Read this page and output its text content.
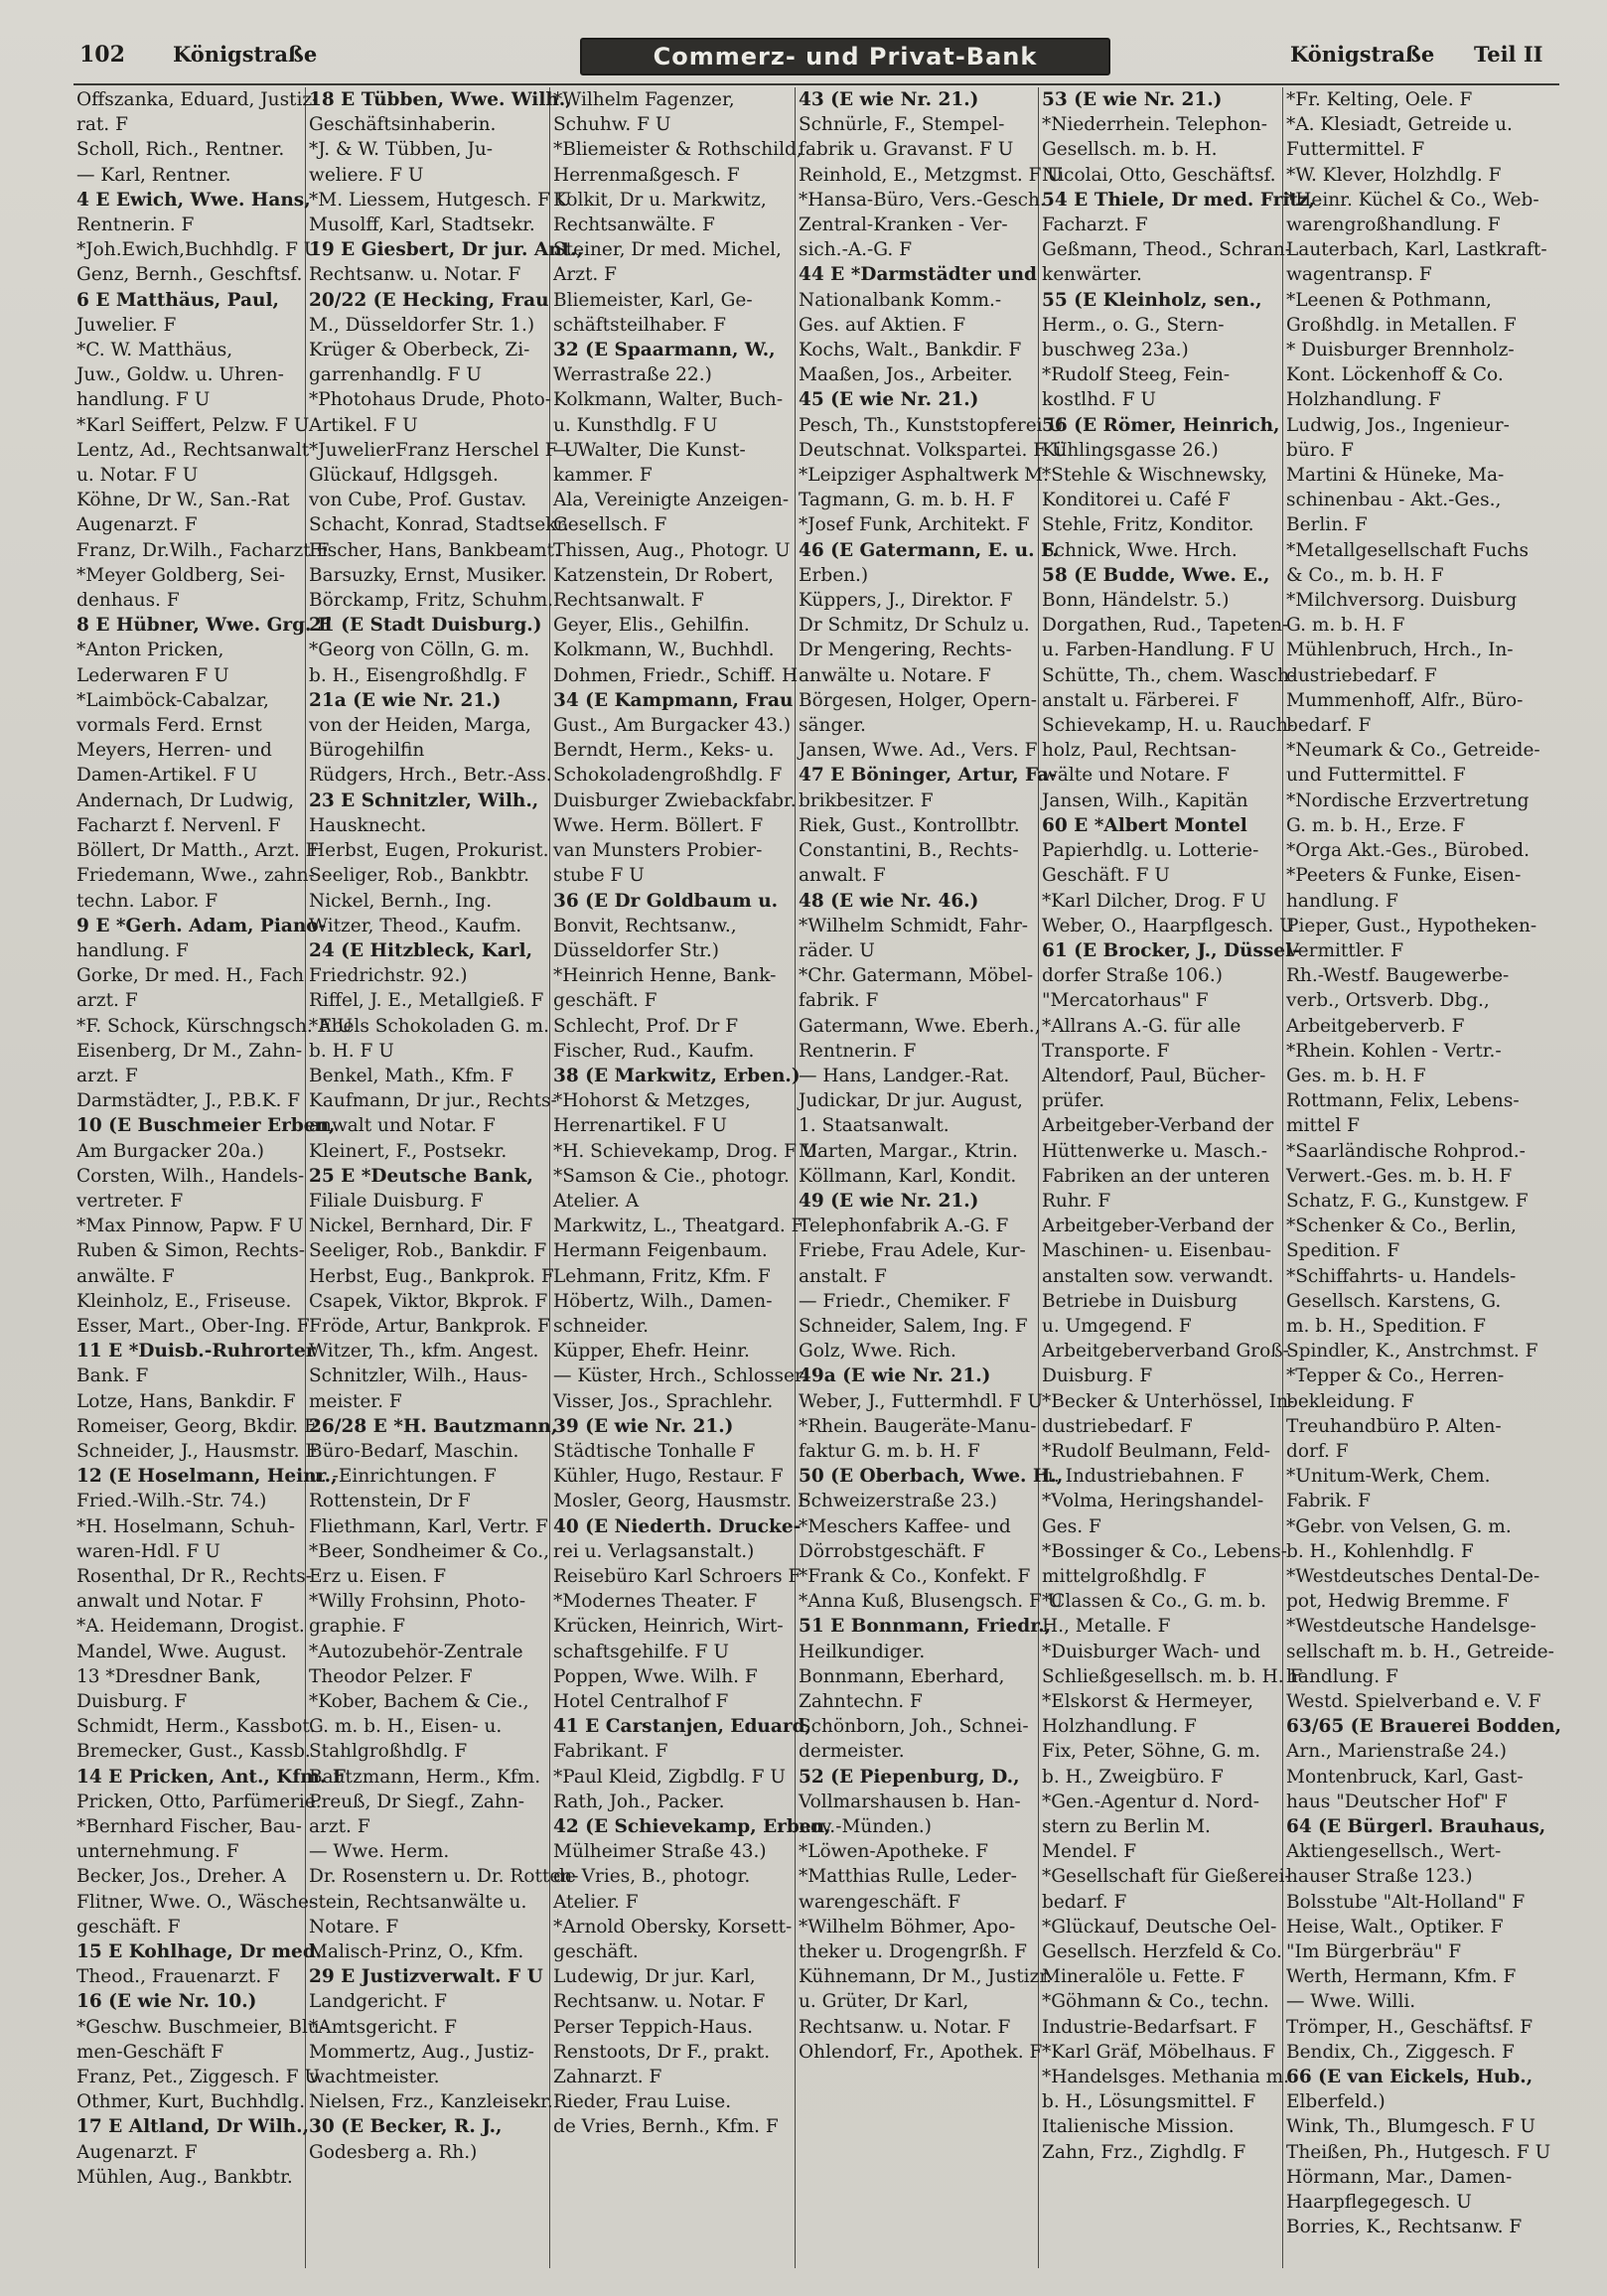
102 Königstraße	Commerz- und Privat-Bank	Königstraße Teil II
Offszanka, Eduard, Justiz-
rat. F
Scholl, Rich., Rentner.
— Karl, Rentner.
4 E Ewich, Wwe. Hans,
Rentnerin. F
*Joh.Ewich,Buchhdlg. F U
Genz, Bernh., Geschftsf.
6 E Matthäus, Paul,
Juwelier. F
*C. W. Matthäus,
Juw., Goldw. u. Uhren-
handlung. F U
*Karl Seiffert, Pelzw. F U
Lentz, Ad., Rechtsanwalt
u. Notar. F U
Köhne, Dr W., San.-Rat
Augenarzt. F
Franz, Dr.Wilh., Facharzt F
*Meyer Goldberg, Sei-
denhaus. F
8 E Hübner, Wwe. Grg. F
*Anton Pricken,
Lederwaren F U
*Laimböck-Cabalzar,
vormals Ferd. Ernst
Meyers, Herren- und
Damen-Artikel. F U
Andernach, Dr Ludwig,
Facharzt f. Nervenl. F
Böllert, Dr Matth., Arzt. F
Friedemann, Wwe., zahn-
techn. Labor. F
9 E *Gerh. Adam, Piano-
handlung. F
Gorke, Dr med. H., Fach
arzt. F
*F. Schock, Kürschngsch. F U
Eisenberg, Dr M., Zahn-
arzt. F
Darmstädter, J., P.B.K. F
10 (E Buschmeier Erben,
Am Burgacker 20a.)
Corsten, Wilh., Handels-
vertreter. F
*Max Pinnow, Papw. F U
Ruben & Simon, Rechts-
anwälte. F
Kleinholz, E., Friseuse.
Esser, Mart., Ober-Ing. F
11 E *Duisb.-Ruhrorter
Bank. F
Lotze, Hans, Bankdir. F
Romeiser, Georg, Bkdir. F
Schneider, J., Hausmstr. F
12 (E Hoselmann, Heinr.,
Fried.-Wilh.-Str. 74.)
*H. Hoselmann, Schuh-
waren-Hdl. F U
Rosenthal, Dr R., Rechts-
anwalt und Notar. F
*A. Heidemann, Drogist.
Mandel, Wwe. August.
13 *Dresdner Bank,
Duisburg. F
Schmidt, Herm., Kassbot.
Bremecker, Gust., Kassb.
14 E Pricken, Ant., Kfm. F
Pricken, Otto, Parfümerie.
*Bernhard Fischer, Bau-
unternehmung. F
Becker, Jos., Dreher. A
Flitner, Wwe. O., Wäsche-
geschäft. F
15 E Kohlhage, Dr med.
Theod., Frauenarzt. F
16 (E wie Nr. 10.)
*Geschw. Buschmeier, Blu-
men-Geschäft F
Franz, Pet., Ziggesch. F U
Othmer, Kurt, Buchhdlg.
17 E Altland, Dr Wilh.,
Augenarzt. F
Mühlen, Aug., Bankbtr.
18 E Tübben, Wwe. Wilh.,
Geschäftsinhaberin.
*J. & W. Tübben, Ju-
weliere. F U
*M. Liessem, Hutgesch. F U
Musolff, Karl, Stadtsekr.
19 E Giesbert, Dr jur. Ant.,
Rechtsanw. u. Notar. F
20/22 (E Hecking, Frau
M., Düsseldorfer Str. 1.)
Krüger & Oberbeck, Zi-
garrenhandlg. F U
*Photohaus Drude, Photo-
Artikel. F U
*JuwelierFranz Herschel F U
Glückauf, Hdlgsgeh.
von Cube, Prof. Gustav.
Schacht, Konrad, Stadtsekr.
Fischer, Hans, Bankbeamt.
Barsuzky, Ernst, Musiker.
Börckamp, Fritz, Schuhm.
21 (E Stadt Duisburg.)
*Georg von Cölln, G. m.
b. H., Eisengroßhdlg. F
21a (E wie Nr. 21.)
von der Heiden, Marga,
Bürogehilfin
Rüdgers, Hrch., Betr.-Ass.
23 E Schnitzler, Wilh.,
Hausknecht.
Herbst, Eugen, Prokurist.
Seeliger, Rob., Bankbtr.
Nickel, Bernh., Ing.
Witzer, Theod., Kaufm.
24 (E Hitzbleck, Karl,
Friedrichstr. 92.)
Riffel, J. E., Metallgieß. F
*Abels Schokoladen G. m.
b. H. F U
Benkel, Math., Kfm. F
Kaufmann, Dr jur., Rechts-
anwalt und Notar. F
Kleinert, F., Postsekr.
25 E *Deutsche Bank,
Filiale Duisburg. F
Nickel, Bernhard, Dir. F
Seeliger, Rob., Bankdir. F
Herbst, Eug., Bankprok. F
Csapek, Viktor, Bkprok. F
Fröde, Artur, Bankprok. F
Witzer, Th., kfm. Angest.
Schnitzler, Wilh., Haus-
meister. F
26/28 E *H. Bautzmann,
Büro-Bedarf, Maschin.
u. -Einrichtungen. F
Rottenstein, Dr F
Fliethmann, Karl, Vertr. F
*Beer, Sondheimer & Co.,
Erz u. Eisen. F
*Willy Frohsinn, Photo-
graphie. F
*Autozubehör-Zentrale
Theodor Pelzer. F
*Kober, Bachem & Cie.,
G. m. b. H., Eisen- u.
Stahlgroßhdlg. F
Bautzmann, Herm., Kfm.
Preuß, Dr Siegf., Zahn-
arzt. F
— Wwe. Herm.
Dr. Rosenstern u. Dr. Rotten-
stein, Rechtsanwälte u.
Notare. F
Malisch-Prinz, O., Kfm.
29 E Justizverwalt. F U
Landgericht. F
*Amtsgericht. F
Mommertz, Aug., Justiz-
wachtmeister.
Nielsen, Frz., Kanzleisekr.
30 (E Becker, R. J.,
Godesberg a. Rh.)
*Wilhelm Fagenzer,
Schuhw. F U
*Bliemeister & Rothschild,
Herrenmaßgesch. F
Kolkit, Dr u. Markwitz,
Rechtsanwälte. F
Steiner, Dr med. Michel,
Arzt. F
Bliemeister, Karl, Ge-
schäftsteilhaber. F
32 (E Spaarmann, W.,
Werrastraße 22.)
Kolkmann, Walter, Buch-
u. Kunsthdlg. F U
— Walter, Die Kunst-
kammer. F
Ala, Vereinigte Anzeigen-
Gesellsch. F
Thissen, Aug., Photogr. U
Katzenstein, Dr Robert,
Rechtsanwalt. F
Geyer, Elis., Gehilfin.
Kolkmann, W., Buchhdl.
Dohmen, Friedr., Schiff. H
34 (E Kampmann, Frau
Gust., Am Burgacker 43.)
Berndt, Herm., Keks- u.
Schokoladengroßhdlg. F
Duisburger Zwiebackfabr.
Wwe. Herm. Böllert. F
van Munsters Probier-
stube F U
36 (E Dr Goldbaum u.
Bonvit, Rechtsanw.,
Düsseldorfer Str.)
*Heinrich Henne, Bank-
geschäft. F
Schlecht, Prof. Dr F
Fischer, Rud., Kaufm.
38 (E Markwitz, Erben.)
*Hohorst & Metzges,
Herrenartikel. F U
*H. Schievekamp, Drog. F U
*Samson & Cie., photogr.
Atelier. A
Markwitz, L., Theatgard. F
Hermann Feigenbaum.
Lehmann, Fritz, Kfm. F
Höbertz, Wilh., Damen-
schneider.
Küpper, Ehefr. Heinr.
— Küster, Hrch., Schlosser.
Visser, Jos., Sprachlehr.
39 (E wie Nr. 21.)
Städtische Tonhalle F
Kühler, Hugo, Restaur. F
Mosler, Georg, Hausmstr. F
40 (E Niederth. Drucke-
rei u. Verlagsanstalt.)
Reisebüro Karl Schroers F
*Modernes Theater. F
Krücken, Heinrich, Wirt-
schaftsgehilfe. F U
Poppen, Wwe. Wilh. F
Hotel Centralhof F
41 E Carstanjen, Eduard,
Fabrikant. F
*Paul Kleid, Zigbdlg. F U
Rath, Joh., Packer.
42 (E Schievekamp, Erben,
Mülheimer Straße 43.)
de Vries, B., photogr.
Atelier. F
*Arnold Obersky, Korsett-
geschäft.
Ludewig, Dr jur. Karl,
Rechtsanw. u. Notar. F
Perser Teppich-Haus.
Renstoots, Dr F., prakt.
Zahnarzt. F
Rieder, Frau Luise.
de Vries, Bernh., Kfm. F
43 (E wie Nr. 21.)
Schnürle, F., Stempel-
fabrik u. Gravanst. F U
Reinhold, E., Metzgmst. F U
*Hansa-Büro, Vers.-Gesch.
Zentral-Kranken - Ver-
sich.-A.-G. F
44 E *Darmstädter und
Nationalbank Komm.-
Ges. auf Aktien. F
Kochs, Walt., Bankdir. F
Maaßen, Jos., Arbeiter.
45 (E wie Nr. 21.)
Pesch, Th., Kunststopferei U
Deutschnat. Volkspartei. F U
*Leipziger Asphaltwerk M.
Tagmann, G. m. b. H. F
*Josef Funk, Architekt. F
46 (E Gatermann, E. u. F.
Erben.)
Küppers, J., Direktor. F
Dr Schmitz, Dr Schulz u.
Dr Mengering, Rechts-
anwälte u. Notare. F
Börgesen, Holger, Opern-
sänger.
Jansen, Wwe. Ad., Vers. F
47 E Böninger, Artur, Fa-
brikbesitzer. F
Riek, Gust., Kontrollbtr.
Constantini, B., Rechts-
anwalt. F
48 (E wie Nr. 46.)
*Wilhelm Schmidt, Fahr-
räder. U
*Chr. Gatermann, Möbel-
fabrik. F
Gatermann, Wwe. Eberh.,
Rentnerin. F
— Hans, Landger.-Rat.
Judickar, Dr jur. August,
1. Staatsanwalt.
Marten, Margar., Ktrin.
Köllmann, Karl, Kondit.
49 (E wie Nr. 21.)
Telephonfabrik A.-G. F
Friebe, Frau Adele, Kur-
anstalt. F
— Friedr., Chemiker. F
Schneider, Salem, Ing. F
Golz, Wwe. Rich.
49a (E wie Nr. 21.)
Weber, J., Futtermhdl. F U
*Rhein. Baugeräte-Manu-
faktur G. m. b. H. F
50 (E Oberbach, Wwe. H.,
Schweizerstraße 23.)
*Meschers Kaffee- und
Dörrobstgeschäft. F
*Frank & Co., Konfekt. F
*Anna Kuß, Blusengsch. F U
51 E Bonnmann, Friedr.,
Heilkundiger.
Bonnmann, Eberhard,
Zahntechn. F
Schönborn, Joh., Schnei-
dermeister.
52 (E Piepenburg, D.,
Vollmarshausen b. Han-
nov.-Münden.)
*Löwen-Apotheke. F
*Matthias Rulle, Leder-
warengeschäft. F
*Wilhelm Böhmer, Apo-
theker u. Drogengrßh. F
Kühnemann, Dr M., Justizr.
u. Grüter, Dr Karl,
Rechtsanw. u. Notar. F
Ohlendorf, Fr., Apothek. F
53 (E wie Nr. 21.)
*Niederrhein. Telephon-
Gesellsch. m. b. H.
Nicolai, Otto, Geschäftsf.
54 E Thiele, Dr med. Fritz,
Facharzt. F
Geßmann, Theod., Schran-
kenwärter.
55 (E Kleinholz, sen.,
Herm., o. G., Stern-
buschweg 23a.)
*Rudolf Steeg, Fein-
kostlhd. F U
56 (E Römer, Heinrich,
Kühlingsgasse 26.)
*Stehle & Wischnewsky,
Konditorei u. Café F
Stehle, Fritz, Konditor.
Schnick, Wwe. Hrch.
58 (E Budde, Wwe. E.,
Bonn, Händelstr. 5.)
Dorgathen, Rud., Tapeten-
u. Farben-Handlung. F U
Schütte, Th., chem. Wasch-
anstalt u. Färberei. F
Schievekamp, H. u. Rauch-
holz, Paul, Rechtsan-
wälte und Notare. F
Jansen, Wilh., Kapitän
60 E *Albert Montel
Papierhdlg. u. Lotterie-
Geschäft. F U
*Karl Dilcher, Drog. F U
Weber, O., Haarpflgesch. U
61 (E Brocker, J., Düssel-
dorfer Straße 106.)
"Mercatorhaus" F
*Allrans A.-G. für alle
Transporte. F
Altendorf, Paul, Bücher-
prüfer.
Arbeitgeber-Verband der
Hüttenwerke u. Masch.-
Fabriken an der unteren
Ruhr. F
Arbeitgeber-Verband der
Maschinen- u. Eisenbau-
anstalten sow. verwandt.
Betriebe in Duisburg
u. Umgegend. F
Arbeitgeberverband Groß-
Duisburg. F
*Becker & Unterhössel, In-
dustriebedarf. F
*Rudolf Beulmann, Feld-
u. Industriebahnen. F
*Volma, Heringshandel-
Ges. F
*Bossinger & Co., Lebens-
mittelgroßhdlg. F
*Classen & Co., G. m. b.
H., Metalle. F
*Duisburger Wach- und
Schließgesellsch. m. b. H. F
*Elskorst & Hermeyer,
Holzhandlung. F
Fix, Peter, Söhne, G. m.
b. H., Zweigbüro. F
*Gen.-Agentur d. Nord-
stern zu Berlin M.
Mendel. F
*Gesellschaft für Gießerei-
bedarf. F
*Glückauf, Deutsche Oel-
Gesellsch. Herzfeld & Co.
Mineralöle u. Fette. F
*Göhmann & Co., techn.
Industrie-Bedarfsart. F
*Karl Gräf, Möbelhaus. F
*Handelsges. Methania m.
b. H., Lösungsmittel. F
Italienische Mission.
Zahn, Frz., Zighdlg. F
*Fr. Kelting, Oele. F
*A. Klesiadt, Getreide u.
Futtermittel. F
*W. Klever, Holzhdlg. F
*Heinr. Küchel & Co., Web-
warengroßhandlung. F
Lauterbach, Karl, Lastkraft-
wagentransp. F
*Leenen & Pothmann,
Großhdlg. in Metallen. F
* Duisburger Brennholz-
Kont. Löckenhoff & Co.
Holzhandlung. F
Ludwig, Jos., Ingenieur-
büro. F
Martini & Hüneke, Ma-
schinenbau - Akt.-Ges.,
Berlin. F
*Metallgesellschaft Fuchs
& Co., m. b. H. F
*Milchversorg. Duisburg
G. m. b. H. F
Mühlenbruch, Hrch., In-
dustriebedarf. F
Mummenhoff, Alfr., Büro-
bedarf. F
*Neumark & Co., Getreide-
und Futtermittel. F
*Nordische Erzvertretung
G. m. b. H., Erze. F
*Orga Akt.-Ges., Bürobed.
*Peeters & Funke, Eisen-
handlung. F
Pieper, Gust., Hypotheken-
Vermittler. F
Rh.-Westf. Baugewerbe-
verb., Ortsverb. Dbg.,
Arbeitgeberverb. F
*Rhein. Kohlen - Vertr.-
Ges. m. b. H. F
Rottmann, Felix, Lebens-
mittel F
*Saarländische Rohprod.-
Verwert.-Ges. m. b. H. F
Schatz, F. G., Kunstgew. F
*Schenker & Co., Berlin,
Spedition. F
*Schiffahrts- u. Handels-
Gesellsch. Karstens, G.
m. b. H., Spedition. F
Spindler, K., Anstrchmst. F
*Tepper & Co., Herren-
bekleidung. F
Treuhandbüro P. Alten-
dorf. F
*Unitum-Werk, Chem.
Fabrik. F
*Gebr. von Velsen, G. m.
b. H., Kohlenhdlg. F
*Westdeutsches Dental-De-
pot, Hedwig Bremme. F
*Westdeutsche Handelsge-
sellschaft m. b. H., Getreide-
handlung. F
Westd. Spielverband e. V. F
63/65 (E Brauerei Bodden,
Arn., Marienstraße 24.)
Montenbruck, Karl, Gast-
haus "Deutscher Hof" F
64 (E Bürgerl. Brauhaus,
Aktiengesellsch., Wert-
hauser Straße 123.)
Bolsstube "Alt-Holland" F
Heise, Walt., Optiker. F
"Im Bürgerbräu" F
Werth, Hermann, Kfm. F
— Wwe. Willi.
Trömper, H., Geschäftsf. F
Bendix, Ch., Ziggesch. F
66 (E van Eickels, Hub.,
Elberfeld.)
Wink, Th., Blumgesch. F U
Theißen, Ph., Hutgesch. F U
Hörmann, Mar., Damen-
Haarpflegegesch. U
Borries, K., Rechtsanw. F
